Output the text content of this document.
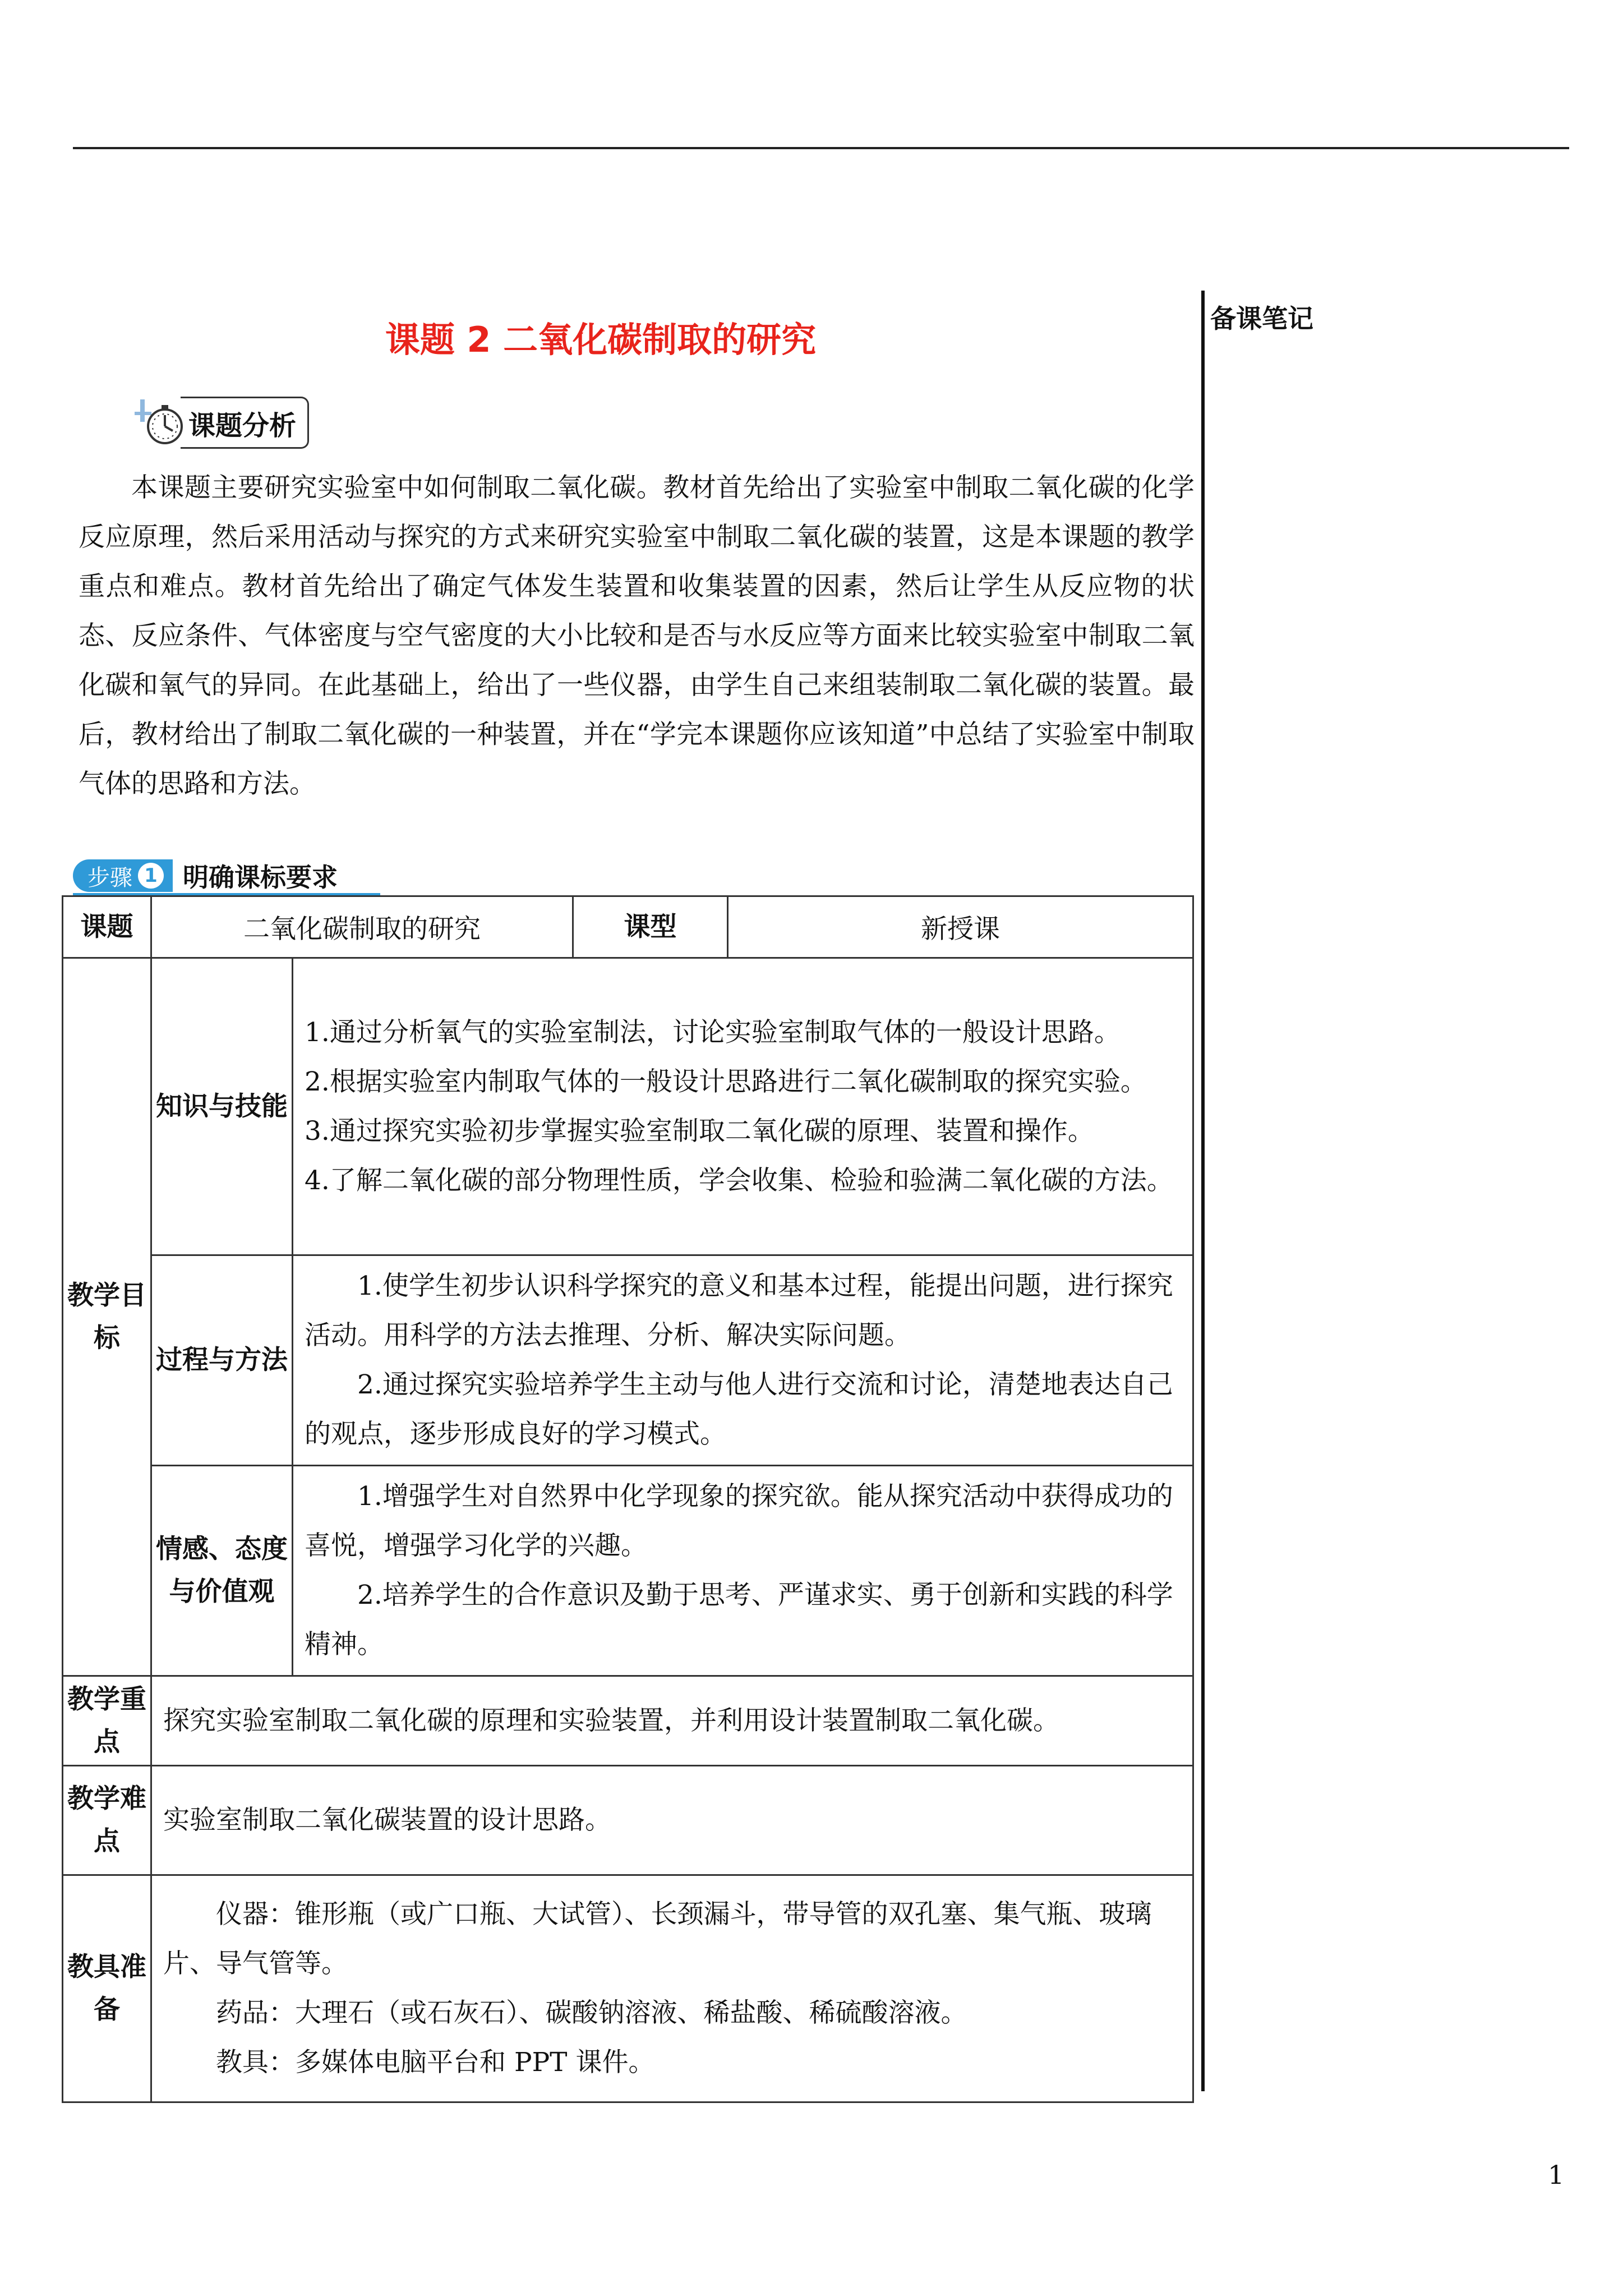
备课笔记
课题 2 二氧化碳制取的研究
课题分析

本课题主要研究实验室中如何制取二氧化碳。教材首先给出了实验室中制取二氧化碳的化学反应原理，然后采用活动与探究的方式来研究实验室中制取二氧化碳的装置，这是本课题的教学重点和难点。教材首先给出了确定气体发生装置和收集装置的因素，然后让学生从反应物的状态、反应条件、气体密度与空气密度的大小比较和是否与水反应等方面来比较实验室中制取二氧化碳和氧气的异同。在此基础上，给出了一些仪器，由学生自己来组装制取二氧化碳的装置。最后，教材给出了制取二氧化碳的一种装置，并在“学完本课题你应该知道”中总结了实验室中制取气体的思路和方法。

步骤 1 明确课标要求
课题	二氧化碳制取的研究		课型	新授课
教学目标	知识与技能	1.通过分析氧气的实验室制法，讨论实验室制取气体的一般设计思路。

2.根据实验室内制取气体的一般设计思路进行二氧化碳制取的探究实验。

3.通过探究实验初步掌握实验室制取二氧化碳的原理、装置和操作。

4.了解二氧化碳的部分物理性质，学会收集、检验和验满二氧化碳的方法。		

	过程与方法	1.使学生初步认识科学探究的意义和基本过程，能提出问题，进行探究活动。用科学的方法去推理、分析、解决实际问题。

2.通过探究实验培养学生主动与他人进行交流和讨论，清楚地表达自己的观点，逐步形成良好的学习模式。		

	情感、态度与价值观	1.增强学生对自然界中化学现象的探究欲。能从探究活动中获得成功的喜悦，增强学习化学的兴趣。

2.培养学生的合作意识及勤于思考、严谨求实、勇于创新和实践的科学精神。		

教学重点	探究实验室制取二氧化碳的原理和实验装置，并利用设计装置制取二氧化碳。			

教学难点	实验室制取二氧化碳装置的设计思路。			

教具准备	仪器：锥形瓶（或广口瓶、大试管）、长颈漏斗，带导管的双孔塞、集气瓶、玻璃片、导气管等。

药品：大理石（或石灰石）、碳酸钠溶液、稀盐酸、稀硫酸溶液。

教具：多媒体电脑平台和 PPT 课件。			

1
